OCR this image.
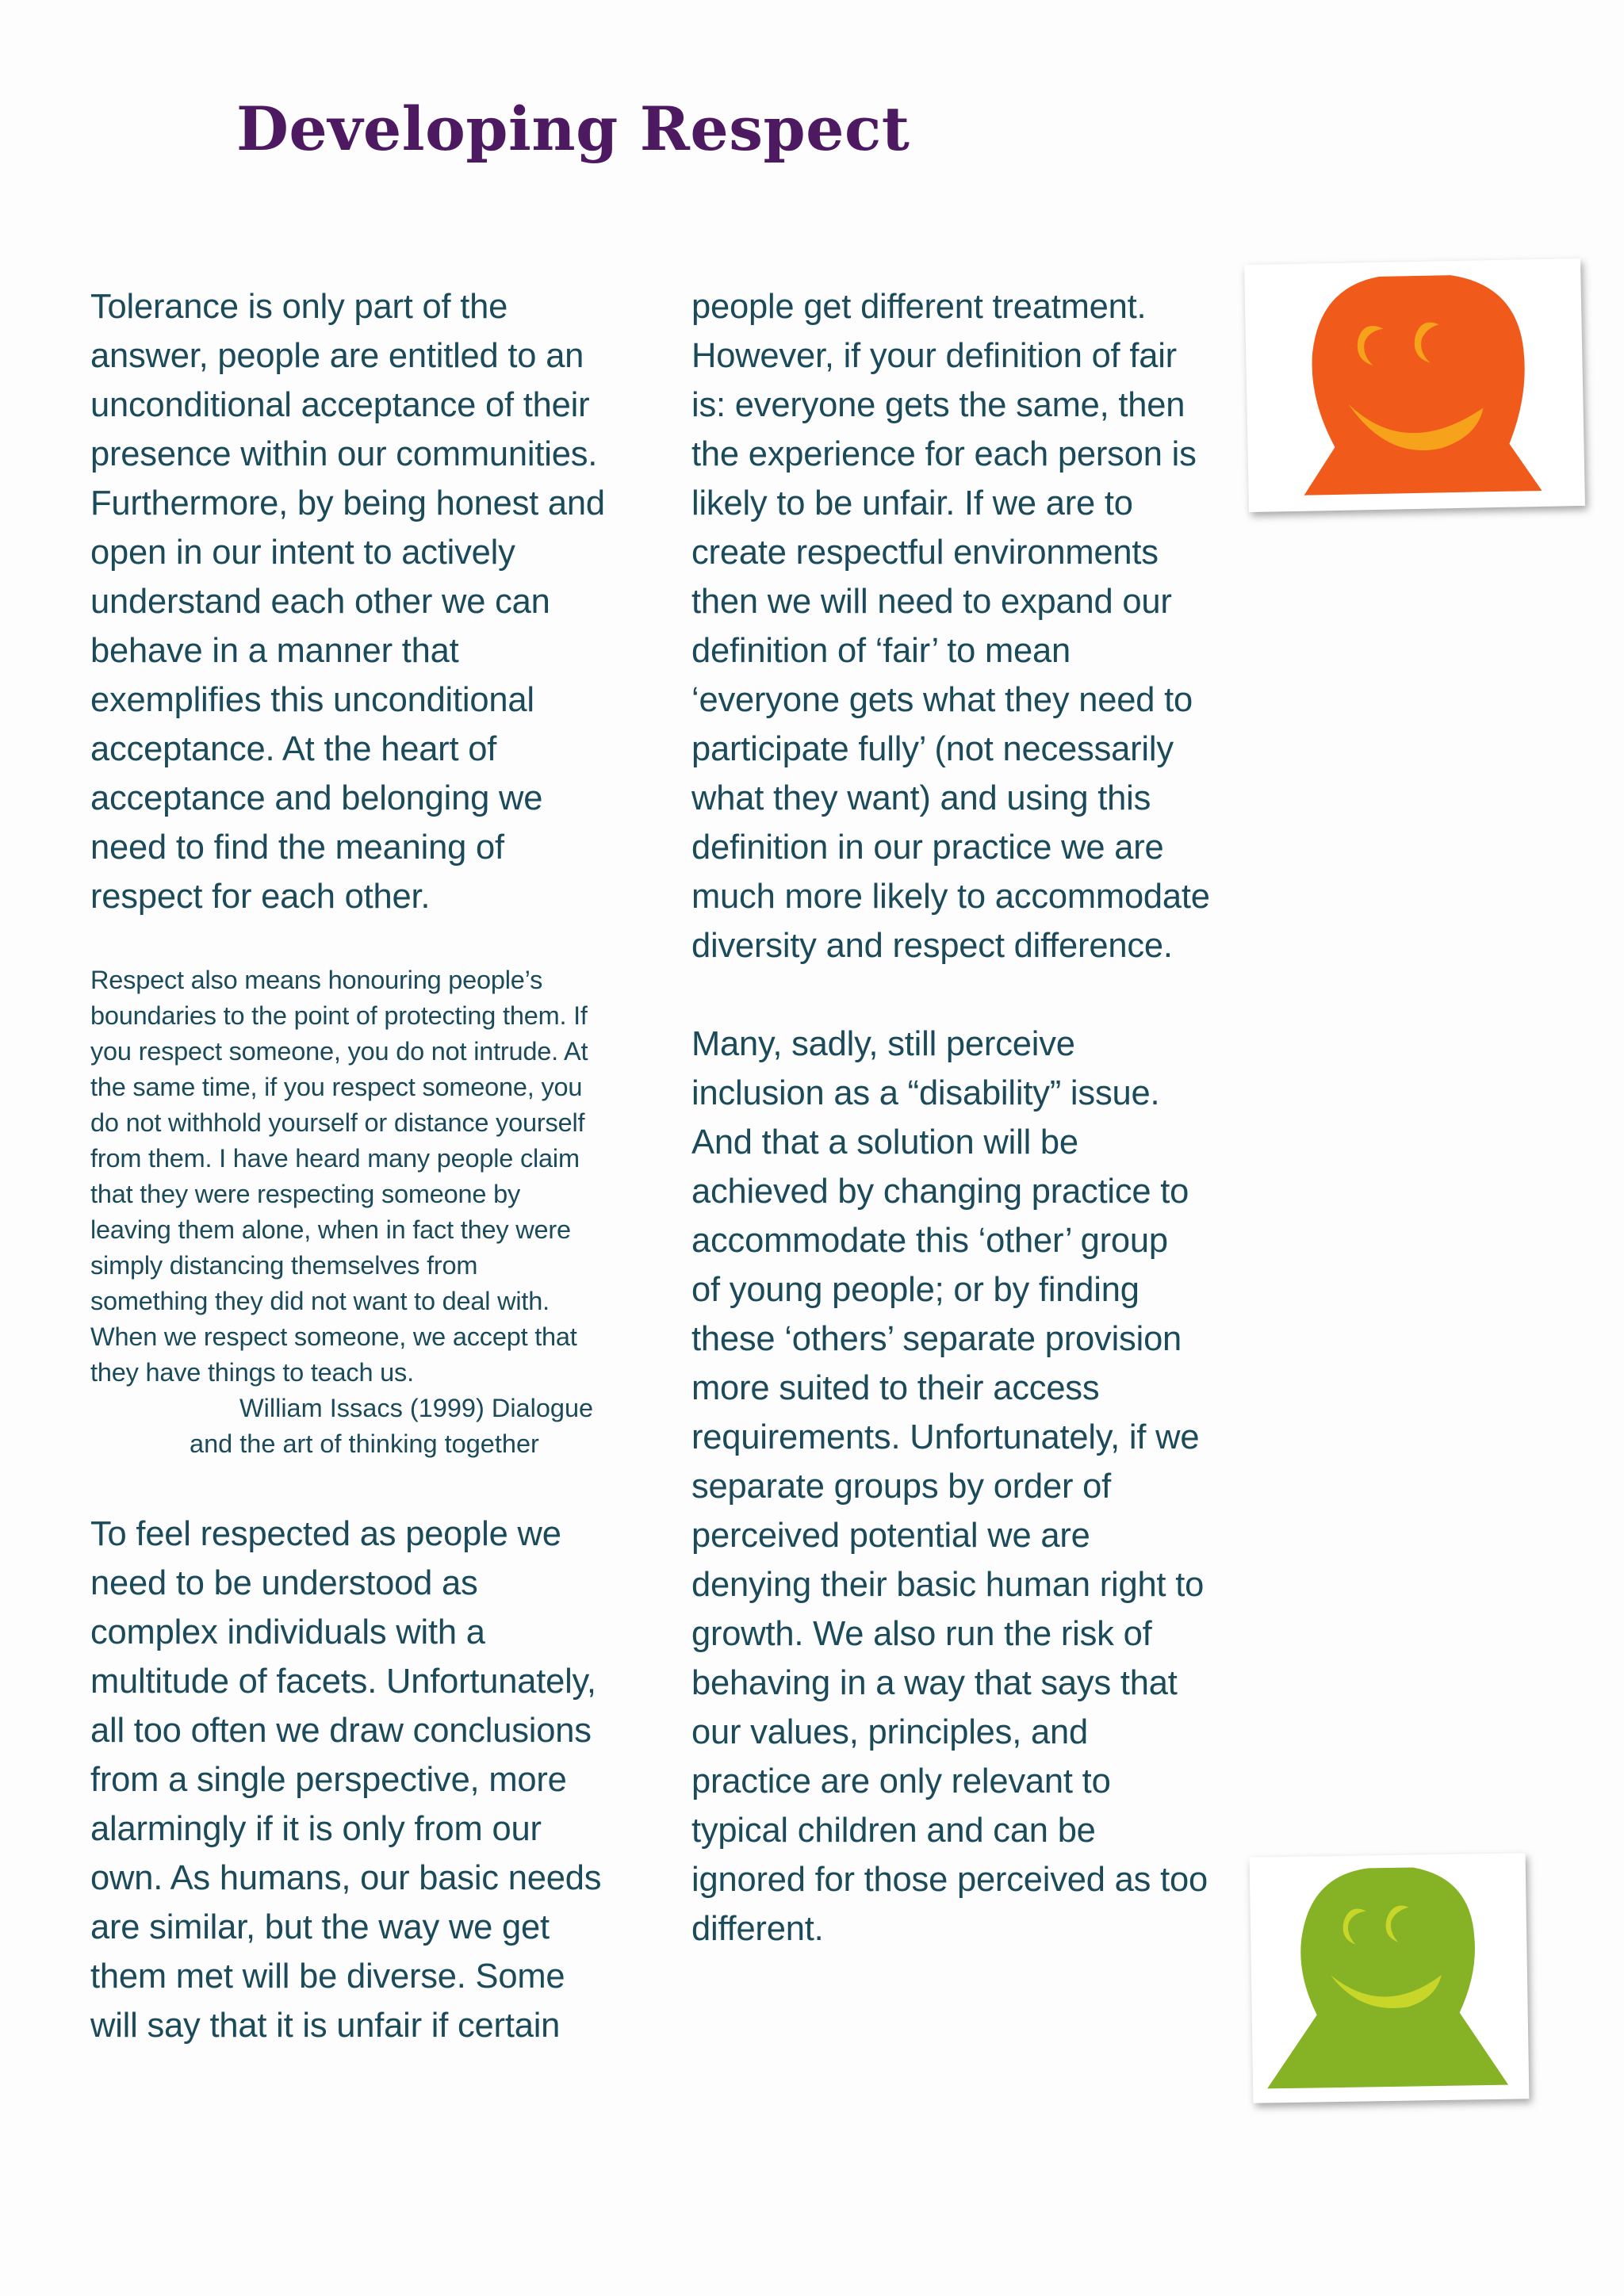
Developing Respect

Tolerance is only part of the
answer, people are entitled to an
unconditional acceptance of their
presence within our communities.
Furthermore, by being honest and
open in our intent to actively
understand each other we can
behave in a manner that
exemplifies this unconditional
acceptance. At the heart of
acceptance and belonging we
need to find the meaning of
respect for each other.

Respect also means honouring people’s
boundaries to the point of protecting them. If
you respect someone, you do not intrude. At
the same time, if you respect someone, you
do not withhold yourself or distance yourself
from them. I have heard many people claim
that they were respecting someone by
leaving them alone, when in fact they were
simply distancing themselves from
something they did not want to deal with.
When we respect someone, we accept that
they have things to teach us.

William Issacs (1999) Dialogue

and the art of thinking together

To feel respected as people we
need to be understood as
complex individuals with a
multitude of facets. Unfortunately,
all too often we draw conclusions
from a single perspective, more
alarmingly if it is only from our
own. As humans, our basic needs
are similar, but the way we get
them met will be diverse. Some
will say that it is unfair if certain

people get different treatment.
However, if your definition of fair
is: everyone gets the same, then
the experience for each person is
likely to be unfair. If we are to
create respectful environments
then we will need to expand our
definition of ‘fair’ to mean
‘everyone gets what they need to
participate fully’ (not necessarily
what they want) and using this
definition in our practice we are
much more likely to accommodate
diversity and respect difference.

Many, sadly, still perceive
inclusion as a “disability” issue.
And that a solution will be
achieved by changing practice to
accommodate this ‘other’ group
of young people; or by finding
these ‘others’ separate provision
more suited to their access
requirements. Unfortunately, if we
separate groups by order of
perceived potential we are
denying their basic human right to
growth. We also run the risk of
behaving in a way that says that
our values, principles, and
practice are only relevant to
typical children and can be
ignored for those perceived as too
different.
